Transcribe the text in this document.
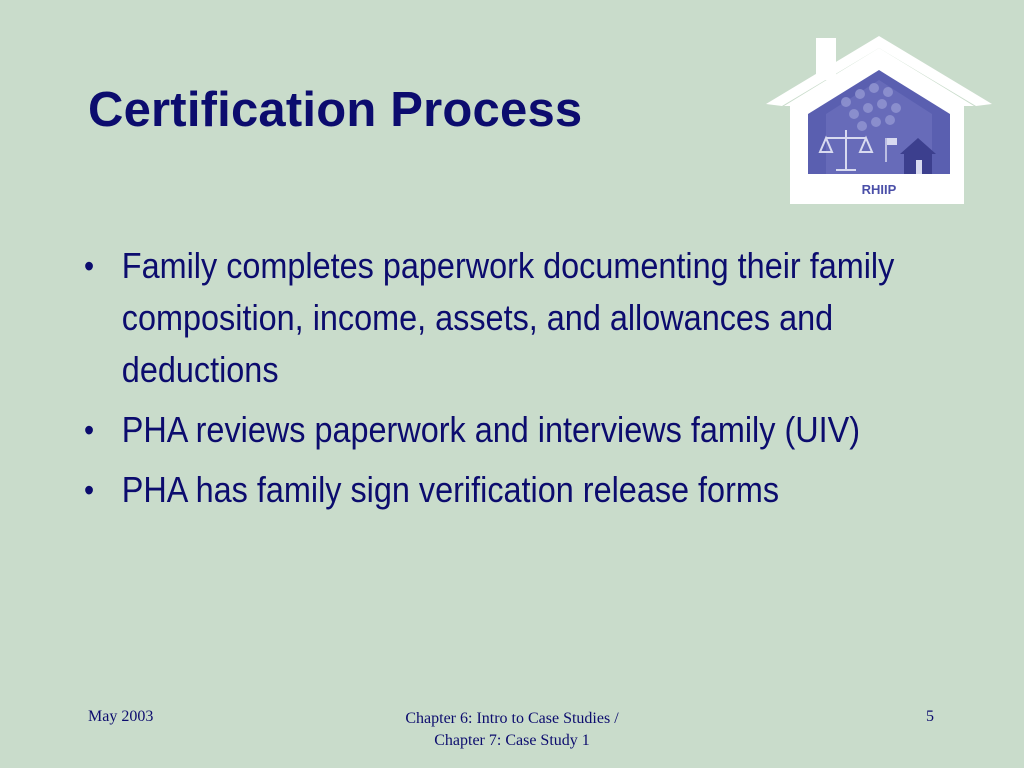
Certification Process
RHIIP
• Family completes paperwork documenting their family composition, income, assets, and allowances and deductions
• PHA reviews paperwork and interviews family (UIV)
• PHA has family sign verification release forms
May 2003	Chapter 6: Intro to Case Studies /
Chapter 7: Case Study 1
5
